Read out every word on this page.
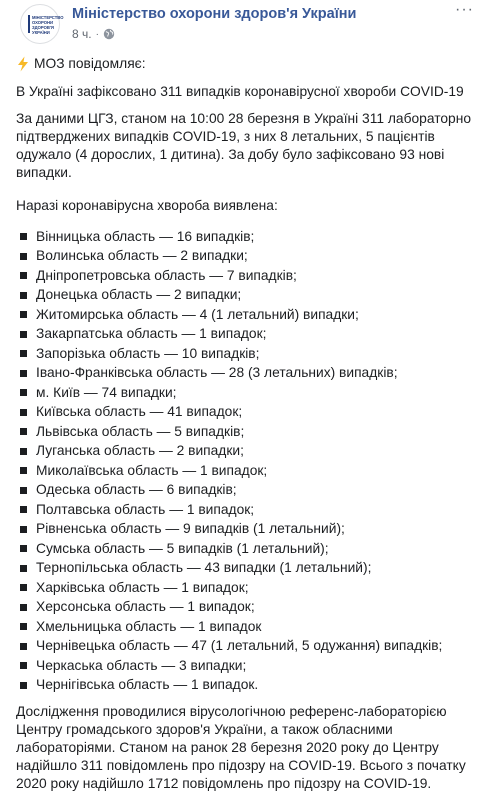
МІНІСТЕРСТВО
ОХОРОНИ
ЗДОРОВ'Я
УКРАЇНИ
Міністерство охорони здоров'я України
8 ч. ·
···
МОЗ повідомляє:

В Україні зафіксовано 311 випадків коронавірусної хвороби COVID-19

За даними ЦГЗ, станом на 10:00 28 березня в Україні 311 лабораторно підтверджених випадків COVID-19, з них 8 летальних, 5 пацієнтів одужало (4 дорослих, 1 дитина). За добу було зафіксовано 93 нові випадки.

Наразі коронавірусна хвороба виявлена:

Вінницька область — 16 випадків;
Волинська область — 2 випадки;
Дніпропетровська область — 7 випадків;
Донецька область — 2 випадки;
Житомирська область — 4 (1 летальний) випадки;
Закарпатська область — 1 випадок;
Запорізька область — 10 випадків;
Івано-Франківська область — 28 (3 летальних) випадків;
м. Київ — 74 випадки;
Київська область — 41 випадок;
Львівська область — 5 випадків;
Луганська область — 2 випадки;
Миколаївська область — 1 випадок;
Одеська область — 6 випадків;
Полтавська область — 1 випадок;
Рівненська область — 9 випадків (1 летальний);
Сумська область — 5 випадків (1 летальний);
Тернопільська область — 43 випадки (1 летальний);
Харківська область — 1 випадок;
Херсонська область — 1 випадок;
Хмельницька область — 1 випадок
Чернівецька область — 47 (1 летальний, 5 одужання) випадків;
Черкаська область — 3 випадки;
Чернігівська область — 1 випадок.

Дослідження проводилися вірусологічною референс-лабораторією Центру громадського здоров'я України, а також обласними лабораторіями. Станом на ранок 28 березня 2020 року до Центру надійшло 311 повідомлень про підозру на COVID-19. Всього з початку 2020 року надійшло 1712 повідомлень про підозру на COVID-19.
